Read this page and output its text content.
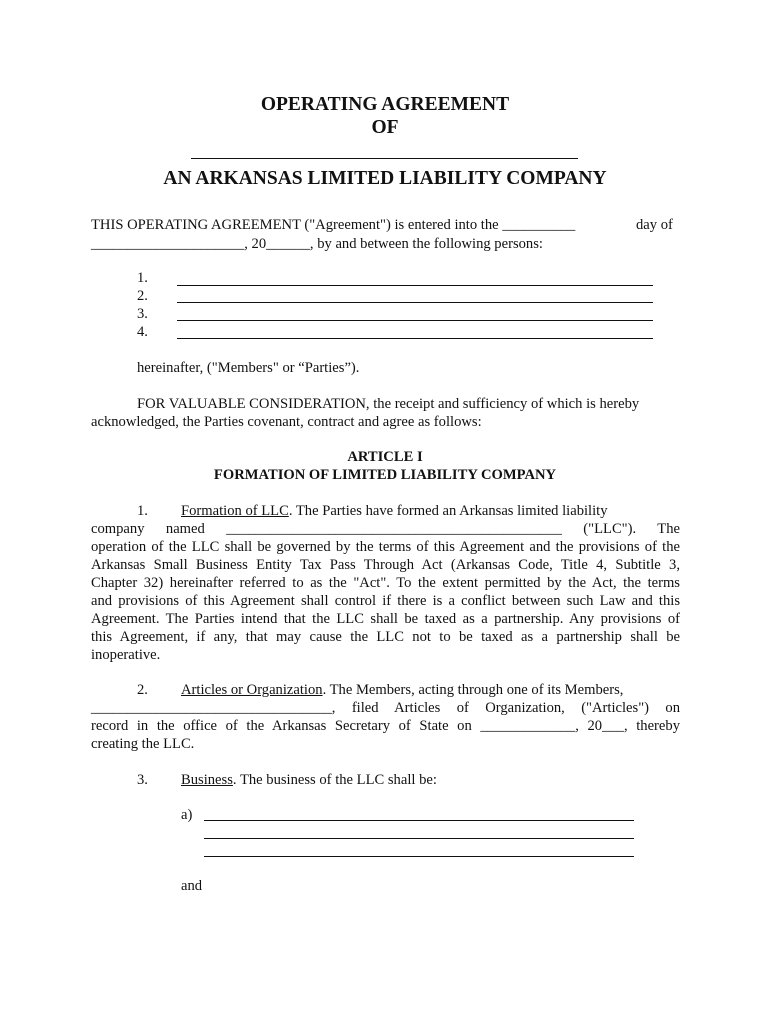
OPERATING AGREEMENT
OF
AN ARKANSAS LIMITED LIABILITY COMPANY
THIS OPERATING AGREEMENT ("Agreement") is entered into the __________	day of
_____________________, 20______, by and between the following persons:
1.
2.
3.
4.
hereinafter, ("Members" or “Parties”).
FOR VALUABLE CONSIDERATION, the receipt and sufficiency of which is hereby
acknowledged, the Parties covenant, contract and agree as follows:
ARTICLE I
FORMATION OF LIMITED LIABILITY COMPANY
1. Formation of LLC. The Parties have formed an Arkansas limited liability
company named ______________________________________________ ("LLC"). The
operation of the LLC shall be governed by the terms of this Agreement and the provisions of the
Arkansas Small Business Entity Tax Pass Through Act (Arkansas Code, Title 4, Subtitle 3,
Chapter 32) hereinafter referred to as the "Act". To the extent permitted by the Act, the terms
and provisions of this Agreement shall control if there is a conflict between such Law and this
Agreement. The Parties intend that the LLC shall be taxed as a partnership. Any provisions of
this Agreement, if any, that may cause the LLC not to be taxed as a partnership shall be
inoperative.
2. Articles or Organization. The Members, acting through one of its Members,
_________________________________, filed Articles of Organization, ("Articles") on
record in the office of the Arkansas Secretary of State on _____________, 20___, thereby
creating the LLC.
3. Business. The business of the LLC shall be:
a)
and
